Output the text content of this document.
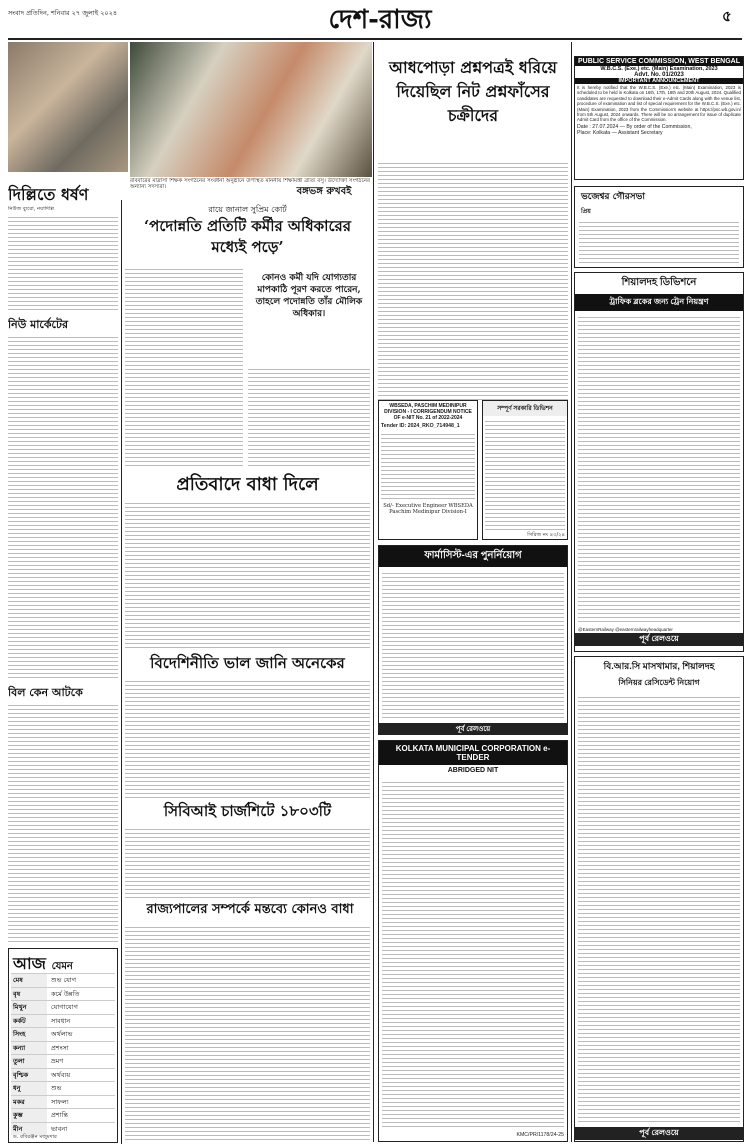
সংবাদ প্রতিদিন, শনিবার ২৭ জুলাই ২০২৪	দেশ-রাজ্য	৫
রবিবারের মাদ্রাসা শিক্ষক সংগঠনের সংবর্ধনা অনুষ্ঠানে উপস্থিত মাননীয় শিক্ষামন্ত্রী ব্রাত্য বসু। উদ্যোক্তা সংগঠনের অন্যান্য সদস্যরা।
দিল্লিতে ধর্ষণ
নিউজ ব্যুরো, নয়াদিল্লি
নিউ মার্কেটের
বিল কেন আটকে
আজ যেমন
মেষ	শুভ যোগ
বৃষ	কর্মে উন্নতি
মিথুন	যোগাযোগ
কর্কট	সাবধান
সিংহ	অর্থলাভ
কন্যা	প্রশংসা
তুলা	ভ্রমণ
বৃশ্চিক	অর্থব্যয়
ধনু	শুভ
মকর	সাফল্য
কুম্ভ	প্রশান্তি
মীন	ভাবনা
ড. রবিরঞ্জন মজুমদার
রায়ে জানাল সুপ্রিম কোর্ট
‘পদোন্নতি প্রতিটি কর্মীর অধিকারের মধ্যেই পড়ে’
কোনও কর্মী যদি যোগ্যতার মাপকাঠি পূরণ করতে পারেন, তাহলে পদোন্নতি তাঁর মৌলিক অধিকার।
প্রতিবাদে বাধা দিলে
বিদেশিনীতি ভাল জানি অনেকের
সিবিআই চার্জশিটে ১৮০৩টি
রাজ্যপালের সম্পর্কে মন্তব্যে কোনও বাধা
বঙ্গভঙ্গ রুখবই
আধপোড়া প্রশ্নপত্রই ধরিয়ে দিয়েছিল নিট প্রশ্নফাঁসের চক্রীদের
WBSEDA, PASCHIM MEDINIPUR DIVISION - I CORRIGENDUM NOTICE OF e-NIT No. 21 of 2022-2024
Tender ID: 2024_RKO_714948_1
Sd/- Executive Engineer WBSEDA Paschim Medinipur Division-I
সম্পূর্ণ সরকারি ডিভিশন
সিরিজ নং ৪৩/২৪
ফার্মাসিস্ট-এর পুনর্নিয়োগ
পূর্ব রেলওয়ে
KOLKATA MUNICIPAL CORPORATION e-TENDER
ABRIDGED NIT
KMC/PR/1178/24-25
PUBLIC SERVICE COMMISSION, WEST BENGAL
W.B.C.S. (Exe.) etc. (Main) Examination, 2023
Advt. No. 01/2023
IMPORTANT ANNOUNCEMENT
It is hereby notified that the W.B.C.S. (Exe.) etc. (Main) Examination, 2023 is scheduled to be held in Kolkata on 16th, 17th, 18th and 20th August, 2024. Qualified candidates are requested to download their e-Admit Cards along with the venue list, procedure of examination and list of special requirement for the W.B.C.S. (Exe.) etc. (Main) Examination, 2023 from the Commission's website at https://psc.wb.gov.in/ from 5th August, 2024 onwards. There will be no arrangement for issue of duplicate Admit Card from the office of the Commission.
Date : 27.07.2024 — By order of the Commission,
Place: Kolkata — Assistant Secretary
ভজেশ্বর গৌরসভা
প্রিয়
শিয়ালদহ ডিভিশনে
ট্রাফিক ব্লকের জন্য ট্রেন নিয়ন্ত্রণ
@EasternRailway @easternrailwayheadquarter
পূর্ব রেলওয়ে
বি.আর.সি মাসখামার, শিয়ালদহ
সিনিয়র রেসিডেন্ট নিয়োগ
পূর্ব রেলওয়ে
